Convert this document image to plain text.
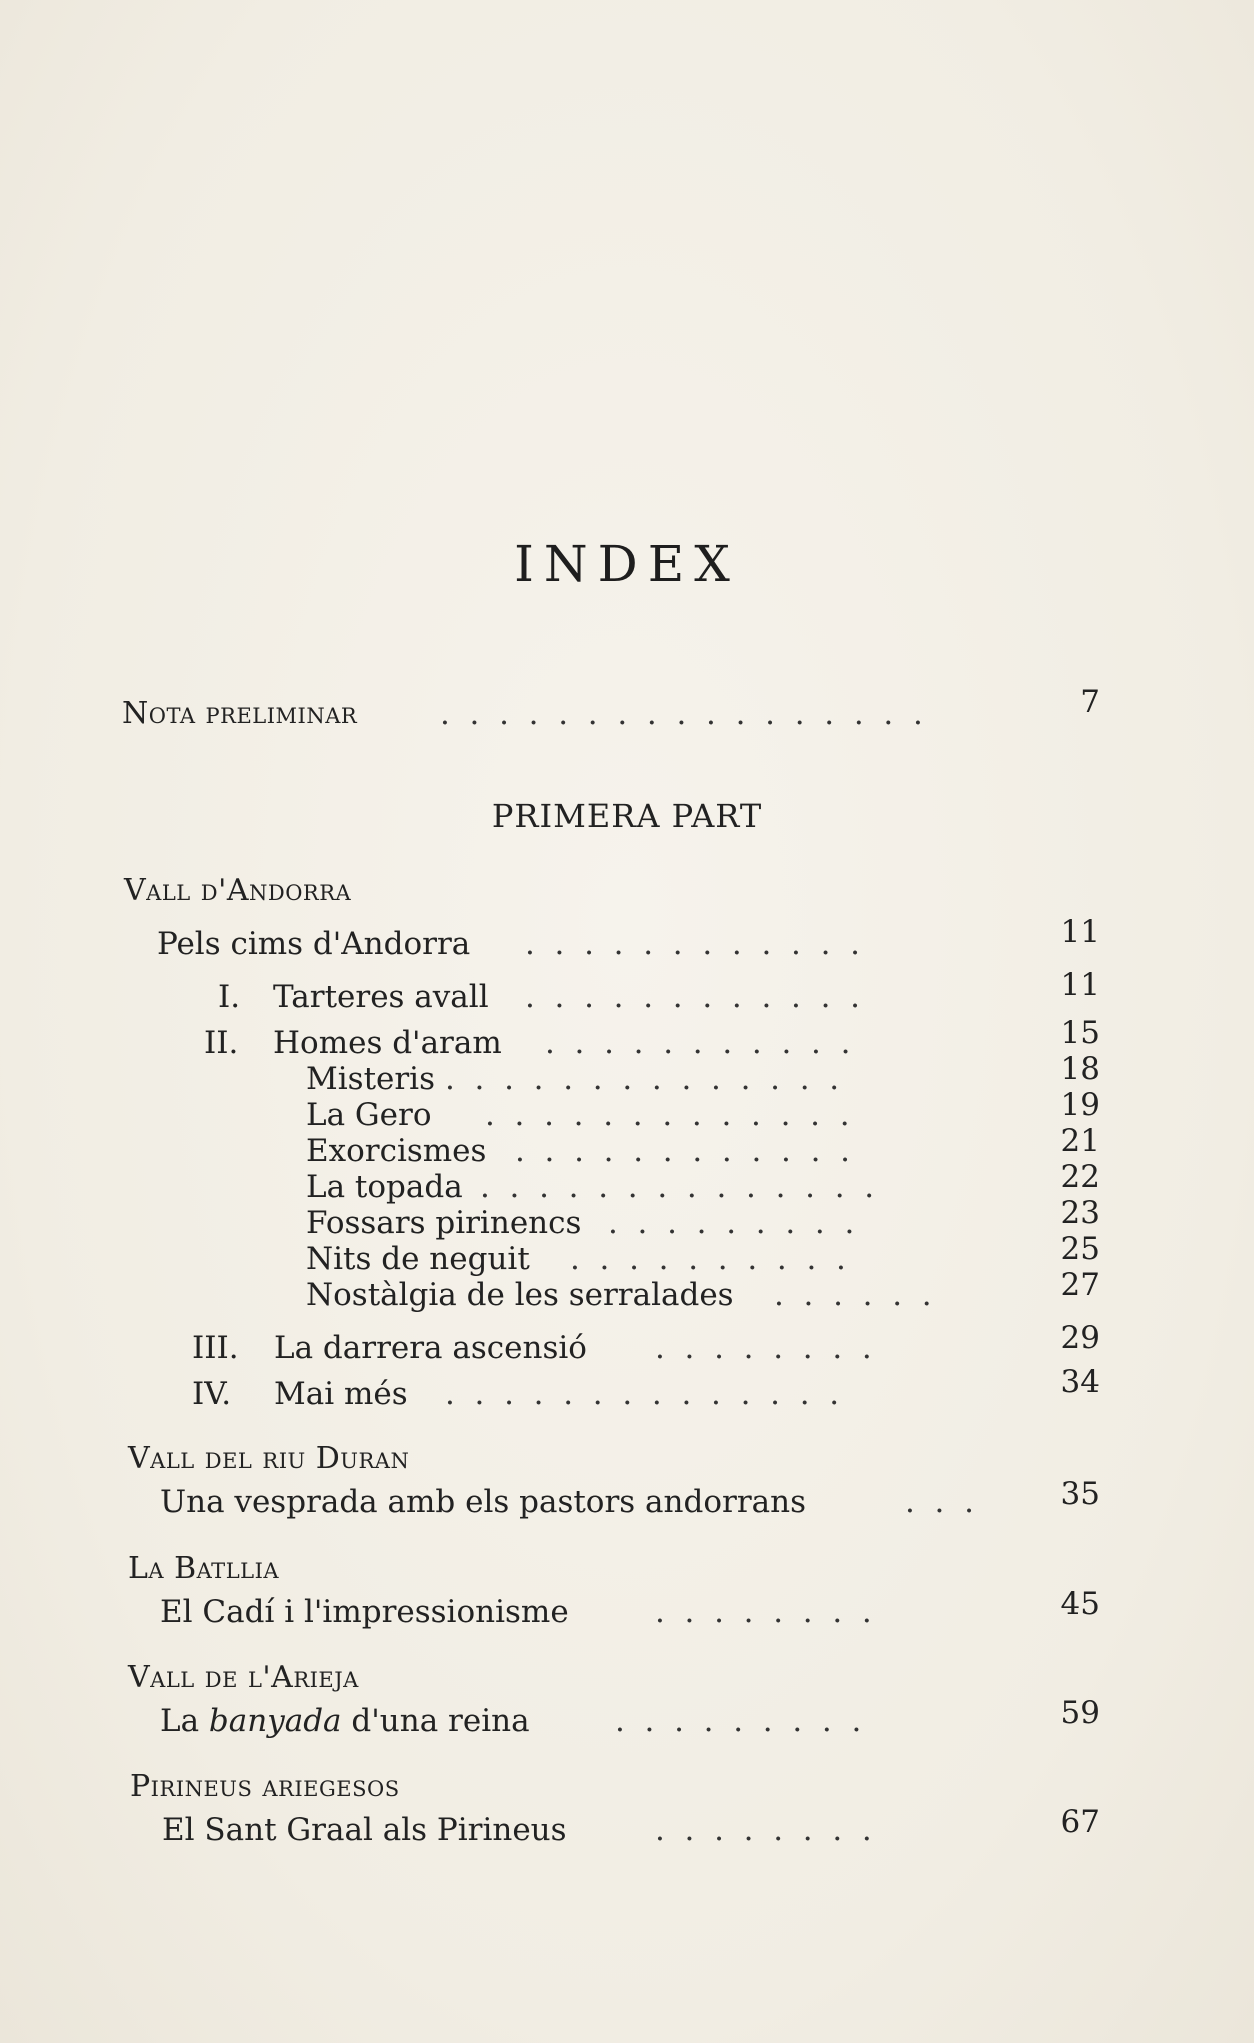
INDEX
Nota preliminar	.  .  .  .  .  .  .  .  .  .  .  .  .  .  .  .  .	7
PRIMERA PART
Vall d'Andorra
Pels cims d'Andorra .  .  .  .  .  .  .  .  .  .  .  .	11
I. Tarteres avall .  .  .  .  .  .  .  .  .  .  .  .	11
II. Homes d'aram .  .  .  .  .  .  .  .  .  .  .	15
Misteris .  .  .  .  .  .  .  .  .  .  .  .  .  .	18
La Gero .  .  .  .  .  .  .  .  .  .  .  .  .	19
Exorcismes .  .  .  .  .  .  .  .  .  .  .  .	21
La topada .  .  .  .  .  .  .  .  .  .  .  .  .  .	22
Fossars pirinencs .  .  .  .  .  .  .  .  .	23
Nits de neguit .  .  .  .  .  .  .  .  .  .	25
Nostàlgia de les serralades .  .  .  .  .  .	27
III. La darrera ascensió .  .  .  .  .  .  .  .	29
IV. Mai més .  .  .  .  .  .  .  .  .  .  .  .  .  .	34
Vall del riu Duran
Una vesprada amb els pastors andorrans	.  .  .	35
La Batllia
El Cadí i l'impressionisme	.  .  .  .  .  .  .  .	45
Vall de l'Arieja
La banyada d'una reina	.  .  .  .  .  .  .  .  .	59
Pirineus ariegesos
El Sant Graal als Pirineus	.  .  .  .  .  .  .  .	67
